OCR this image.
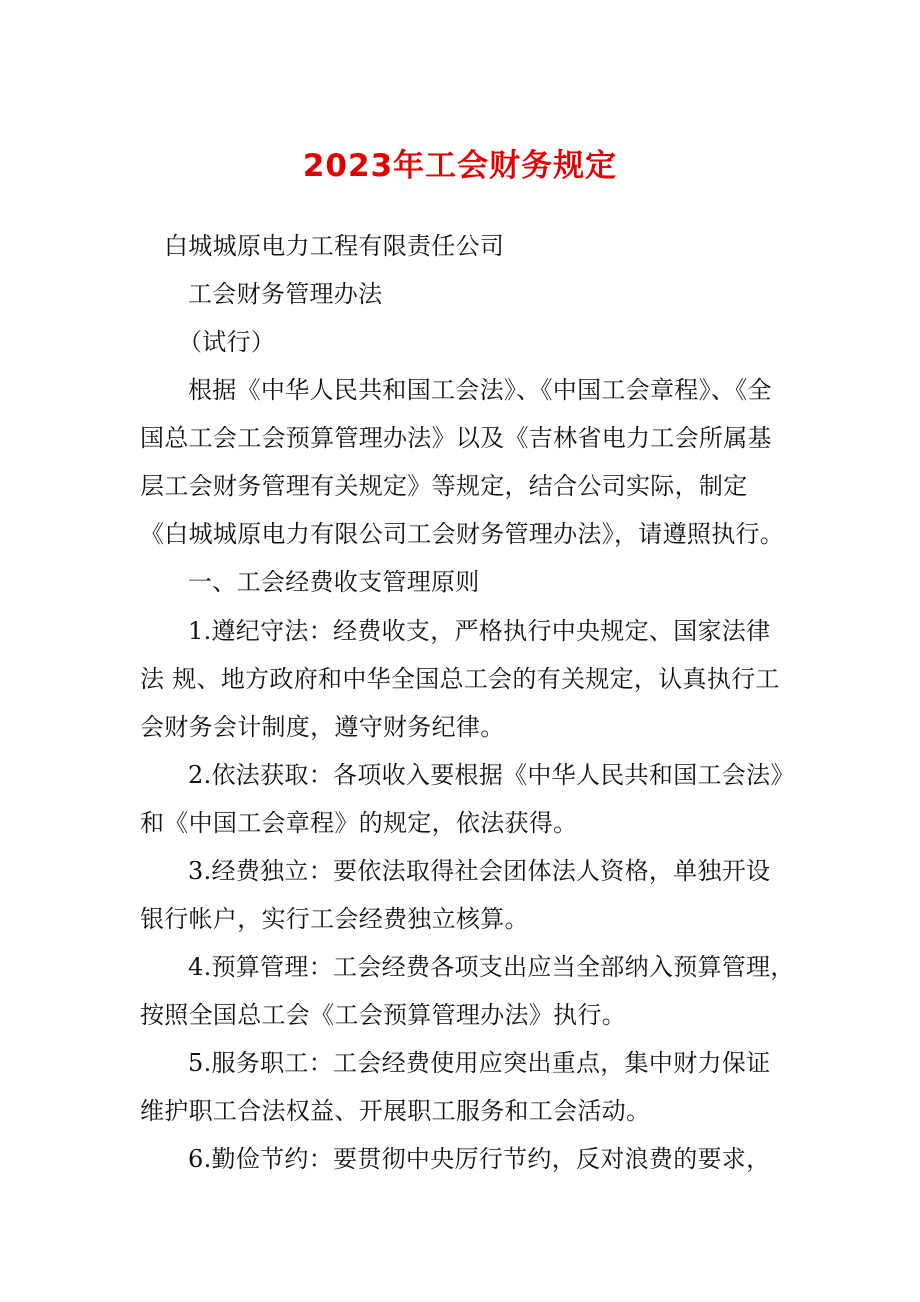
2023年工会财务规定
白城城原电力工程有限责任公司
工会财务管理办法
（试行）
根据《中华人民共和国工会法》、《中国工会章程》、《全
国总工会工会预算管理办法》以及《吉林省电力工会所属基
层工会财务管理有关规定》等规定，结合公司实际，制定
《白城城原电力有限公司工会财务管理办法》，请遵照执行。
一、工会经费收支管理原则
1.遵纪守法：经费收支，严格执行中央规定、国家法律
法 规、地方政府和中华全国总工会的有关规定，认真执行工
会财务会计制度，遵守财务纪律。
2.依法获取：各项收入要根据《中华人民共和国工会法》
和《中国工会章程》的规定，依法获得。
3.经费独立：要依法取得社会团体法人资格，单独开设
银行帐户，实行工会经费独立核算。
4.预算管理：工会经费各项支出应当全部纳入预算管理，
按照全国总工会《工会预算管理办法》执行。
5.服务职工：工会经费使用应突出重点，集中财力保证
维护职工合法权益、开展职工服务和工会活动。
6.勤俭节约：要贯彻中央厉行节约，反对浪费的要求，
